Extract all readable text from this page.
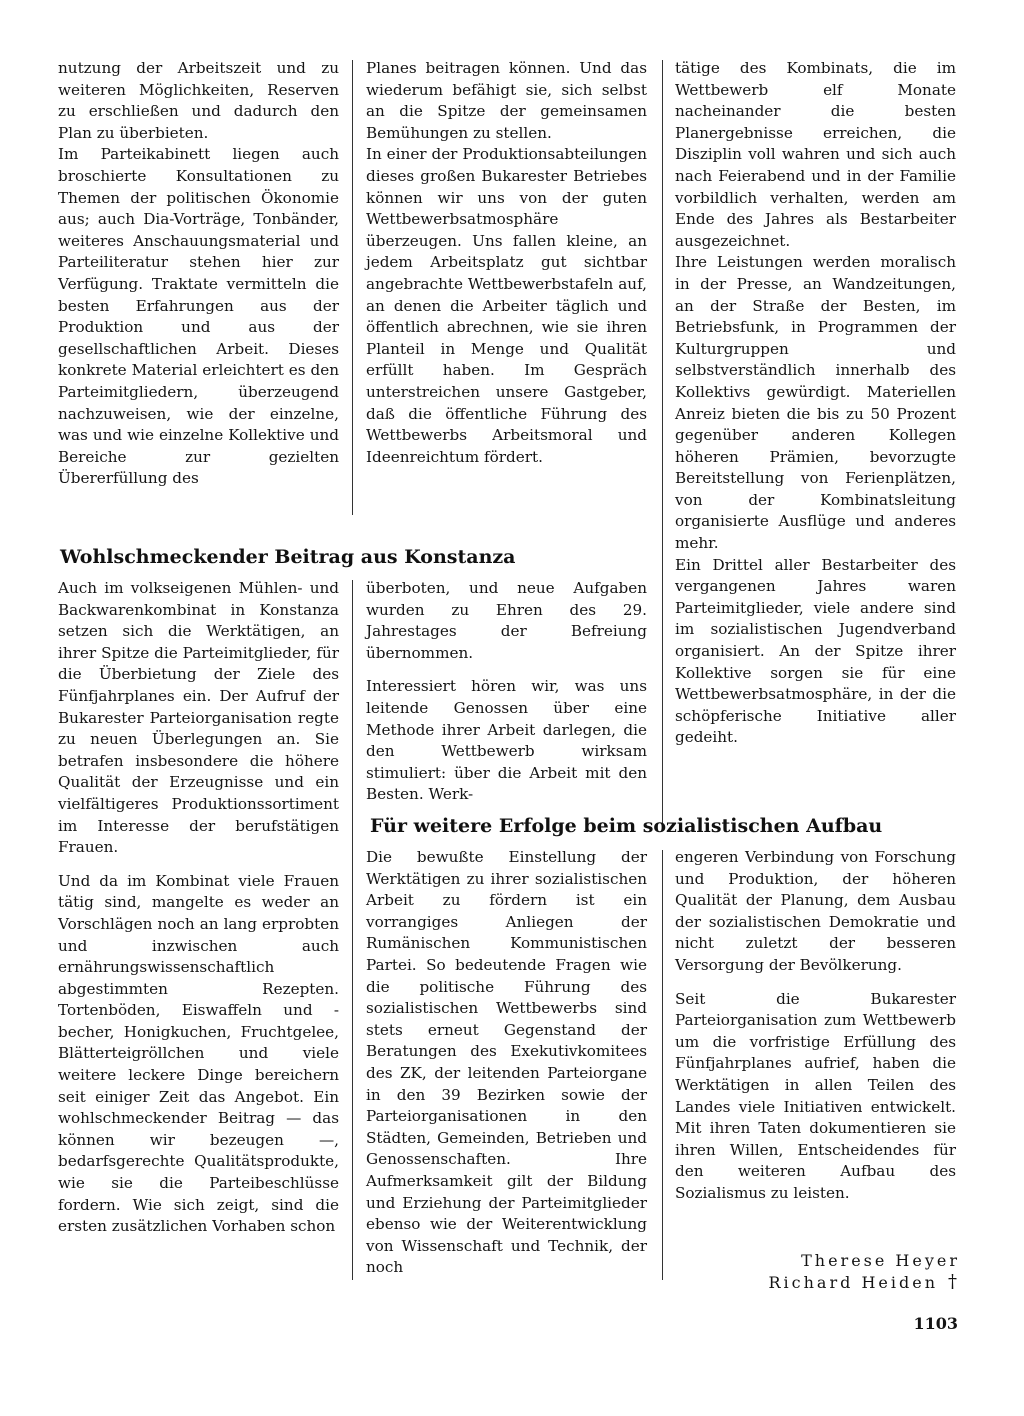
nutzung der Arbeitszeit und zu weiteren Möglichkeiten, Reserven zu erschließen und dadurch den Plan zu überbieten.

Im Parteikabinett liegen auch broschierte Konsultationen zu Themen der politischen Ökonomie aus; auch Dia-Vorträge, Tonbänder, weiteres Anschauungsmaterial und Parteiliteratur stehen hier zur Verfügung. Traktate vermitteln die besten Erfahrungen aus der Produktion und aus der gesellschaftlichen Arbeit. Dieses konkrete Material erleichtert es den Parteimitgliedern, überzeugend nachzuweisen, wie der einzelne, was und wie einzelne Kollektive und Bereiche zur gezielten Übererfüllung des

Planes beitragen können. Und das wiederum befähigt sie, sich selbst an die Spitze der gemeinsamen Bemühungen zu stellen.

In einer der Produktionsabteilungen dieses großen Bukarester Betriebes können wir uns von der guten Wettbewerbsatmosphäre überzeugen. Uns fallen kleine, an jedem Arbeitsplatz gut sichtbar angebrachte Wettbewerbstafeln auf, an denen die Arbeiter täglich und öffentlich abrechnen, wie sie ihren Planteil in Menge und Qualität erfüllt haben. Im Gespräch unterstreichen unsere Gastgeber, daß die öffentliche Führung des Wettbewerbs Arbeitsmoral und Ideenreichtum fördert.

tätige des Kombinats, die im Wettbewerb elf Monate nacheinander die besten Planergebnisse erreichen, die Disziplin voll wahren und sich auch nach Feierabend und in der Familie vorbildlich verhalten, werden am Ende des Jahres als Bestarbeiter ausgezeichnet.

Ihre Leistungen werden moralisch in der Presse, an Wandzeitungen, an der Straße der Besten, im Betriebsfunk, in Programmen der Kulturgruppen und selbstverständlich innerhalb des Kollektivs gewürdigt. Materiellen Anreiz bieten die bis zu 50 Prozent gegenüber anderen Kollegen höheren Prämien, bevorzugte Bereitstellung von Ferienplätzen, von der Kombinatsleitung organisierte Ausflüge und anderes mehr.

Ein Drittel aller Bestarbeiter des vergangenen Jahres waren Parteimitglieder, viele andere sind im sozialistischen Jugendverband organisiert. An der Spitze ihrer Kollektive sorgen sie für eine Wettbewerbsatmosphäre, in der die schöpferische Initiative aller gedeiht.

Wohlschmeckender Beitrag aus Konstanza

Auch im volkseigenen Mühlen- und Backwarenkombinat in Konstanza setzen sich die Werktätigen, an ihrer Spitze die Parteimitglieder, für die Überbietung der Ziele des Fünfjahrplanes ein. Der Aufruf der Bukarester Parteiorganisation regte zu neuen Überlegungen an. Sie betrafen insbesondere die höhere Qualität der Erzeugnisse und ein vielfältigeres Produktionssortiment im Interesse der berufstätigen Frauen.

Und da im Kombinat viele Frauen tätig sind, mangelte es weder an Vorschlägen noch an lang erprobten und inzwischen auch ernährungswissenschaftlich abgestimmten Rezepten. Tortenböden, Eiswaffeln und -becher, Honigkuchen, Fruchtgelee, Blätterteigröllchen und viele weitere leckere Dinge bereichern seit einiger Zeit das Angebot. Ein wohlschmeckender Beitrag — das können wir bezeugen —, bedarfsgerechte Qualitätsprodukte, wie sie die Parteibeschlüsse fordern. Wie sich zeigt, sind die ersten zusätzlichen Vorhaben schon

überboten, und neue Aufgaben wurden zu Ehren des 29. Jahrestages der Befreiung übernommen.

Interessiert hören wir, was uns leitende Genossen über eine Methode ihrer Arbeit darlegen, die den Wettbewerb wirksam stimuliert: über die Arbeit mit den Besten. Werk-

Für weitere Erfolge beim sozialistischen Aufbau

Die bewußte Einstellung der Werktätigen zu ihrer sozialistischen Arbeit zu fördern ist ein vorrangiges Anliegen der Rumänischen Kommunistischen Partei. So bedeutende Fragen wie die politische Führung des sozialistischen Wettbewerbs sind stets erneut Gegenstand der Beratungen des Exekutivkomitees des ZK, der leitenden Parteiorgane in den 39 Bezirken sowie der Parteiorganisationen in den Städten, Gemeinden, Betrieben und Genossenschaften. Ihre Aufmerksamkeit gilt der Bildung und Erziehung der Parteimitglieder ebenso wie der Weiterentwicklung von Wissenschaft und Technik, der noch

engeren Verbindung von Forschung und Produktion, der höheren Qualität der Planung, dem Ausbau der sozialistischen Demokratie und nicht zuletzt der besseren Versorgung der Bevölkerung.

Seit die Bukarester Parteiorganisation zum Wettbewerb um die vorfristige Erfüllung des Fünfjahrplanes aufrief, haben die Werktätigen in allen Teilen des Landes viele Initiativen entwickelt. Mit ihren Taten dokumentieren sie ihren Willen, Entscheidendes für den weiteren Aufbau des Sozialismus zu leisten.

Therese Heyer
Richard Heiden †
1103
